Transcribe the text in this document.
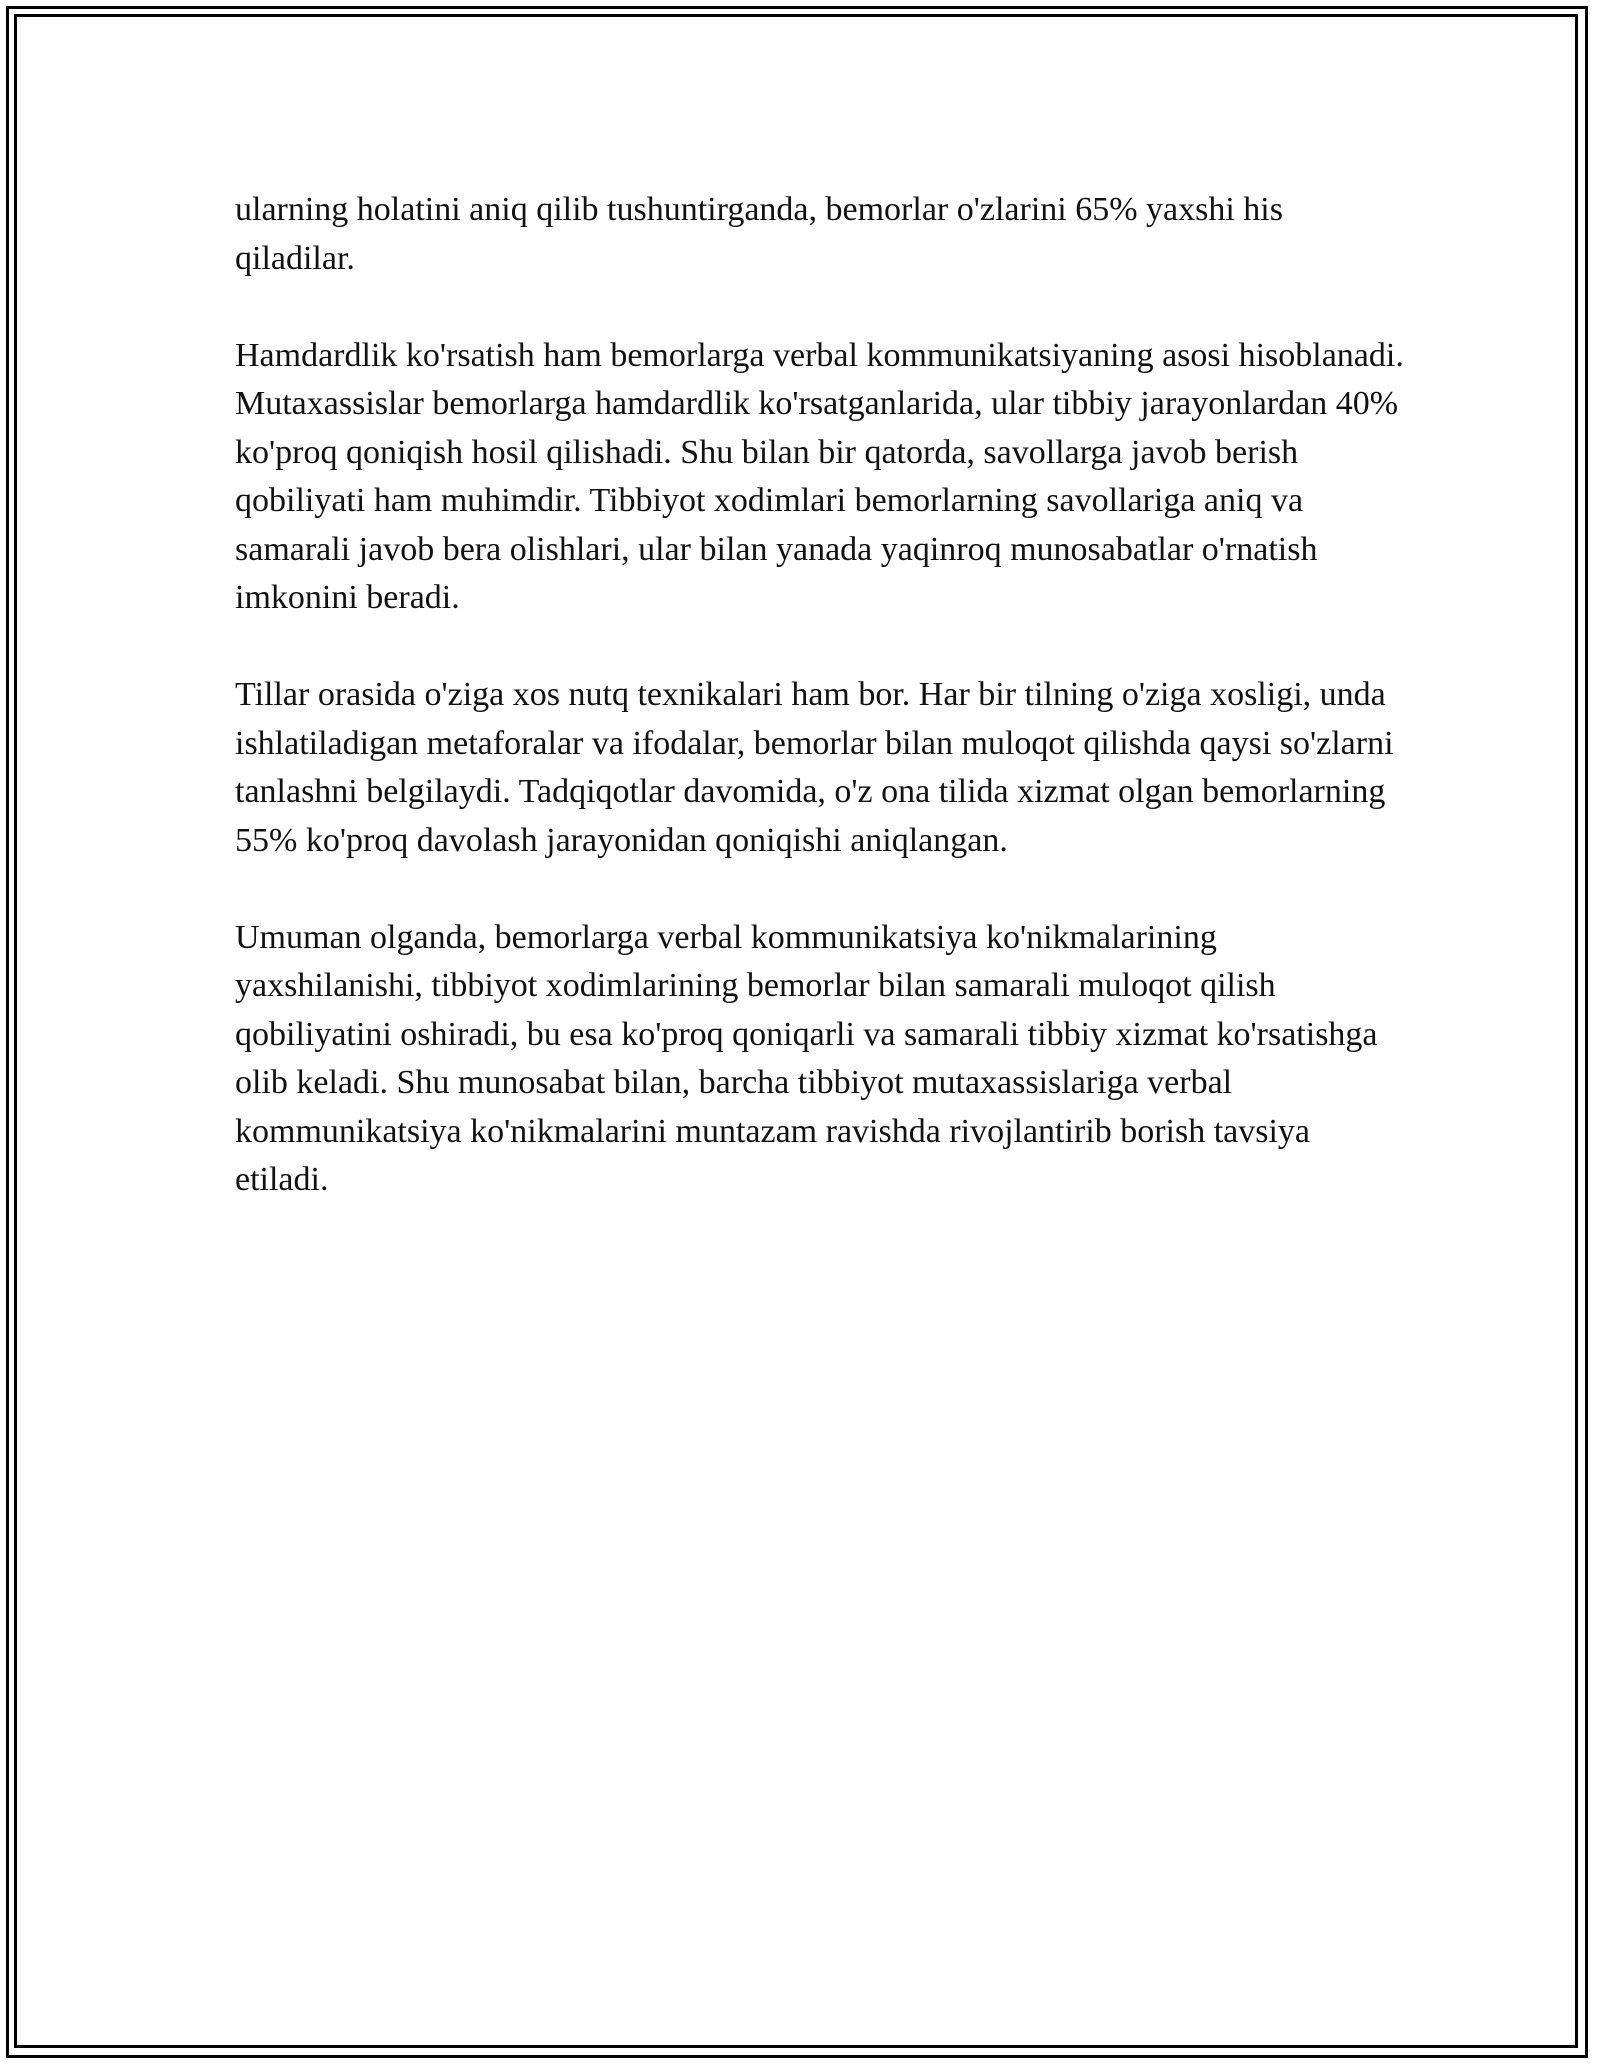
ularning holatini aniq qilib tushuntirganda, bemorlar o'zlarini 65% yaxshi his qiladilar.

Hamdardlik ko'rsatish ham bemorlarga verbal kommunikatsiyaning asosi hisoblanadi. Mutaxassislar bemorlarga hamdardlik ko'rsatganlarida, ular tibbiy jarayonlardan 40% ko'proq qoniqish hosil qilishadi. Shu bilan bir qatorda, savollarga javob berish qobiliyati ham muhimdir. Tibbiyot xodimlari bemorlarning savollariga aniq va samarali javob bera olishlari, ular bilan yanada yaqinroq munosabatlar o'rnatish imkonini beradi.

Tillar orasida o'ziga xos nutq texnikalari ham bor. Har bir tilning o'ziga xosligi, unda ishlatiladigan metaforalar va ifodalar, bemorlar bilan muloqot qilishda qaysi so'zlarni tanlashni belgilaydi. Tadqiqotlar davomida, o'z ona tilida xizmat olgan bemorlarning 55% ko'proq davolash jarayonidan qoniqishi aniqlangan.

Umuman olganda, bemorlarga verbal kommunikatsiya ko'nikmalarining yaxshilanishi, tibbiyot xodimlarining bemorlar bilan samarali muloqot qilish qobiliyatini oshiradi, bu esa ko'proq qoniqarli va samarali tibbiy xizmat ko'rsatishga olib keladi. Shu munosabat bilan, barcha tibbiyot mutaxassislariga verbal kommunikatsiya ko'nikmalarini muntazam ravishda rivojlantirib borish tavsiya etiladi.
